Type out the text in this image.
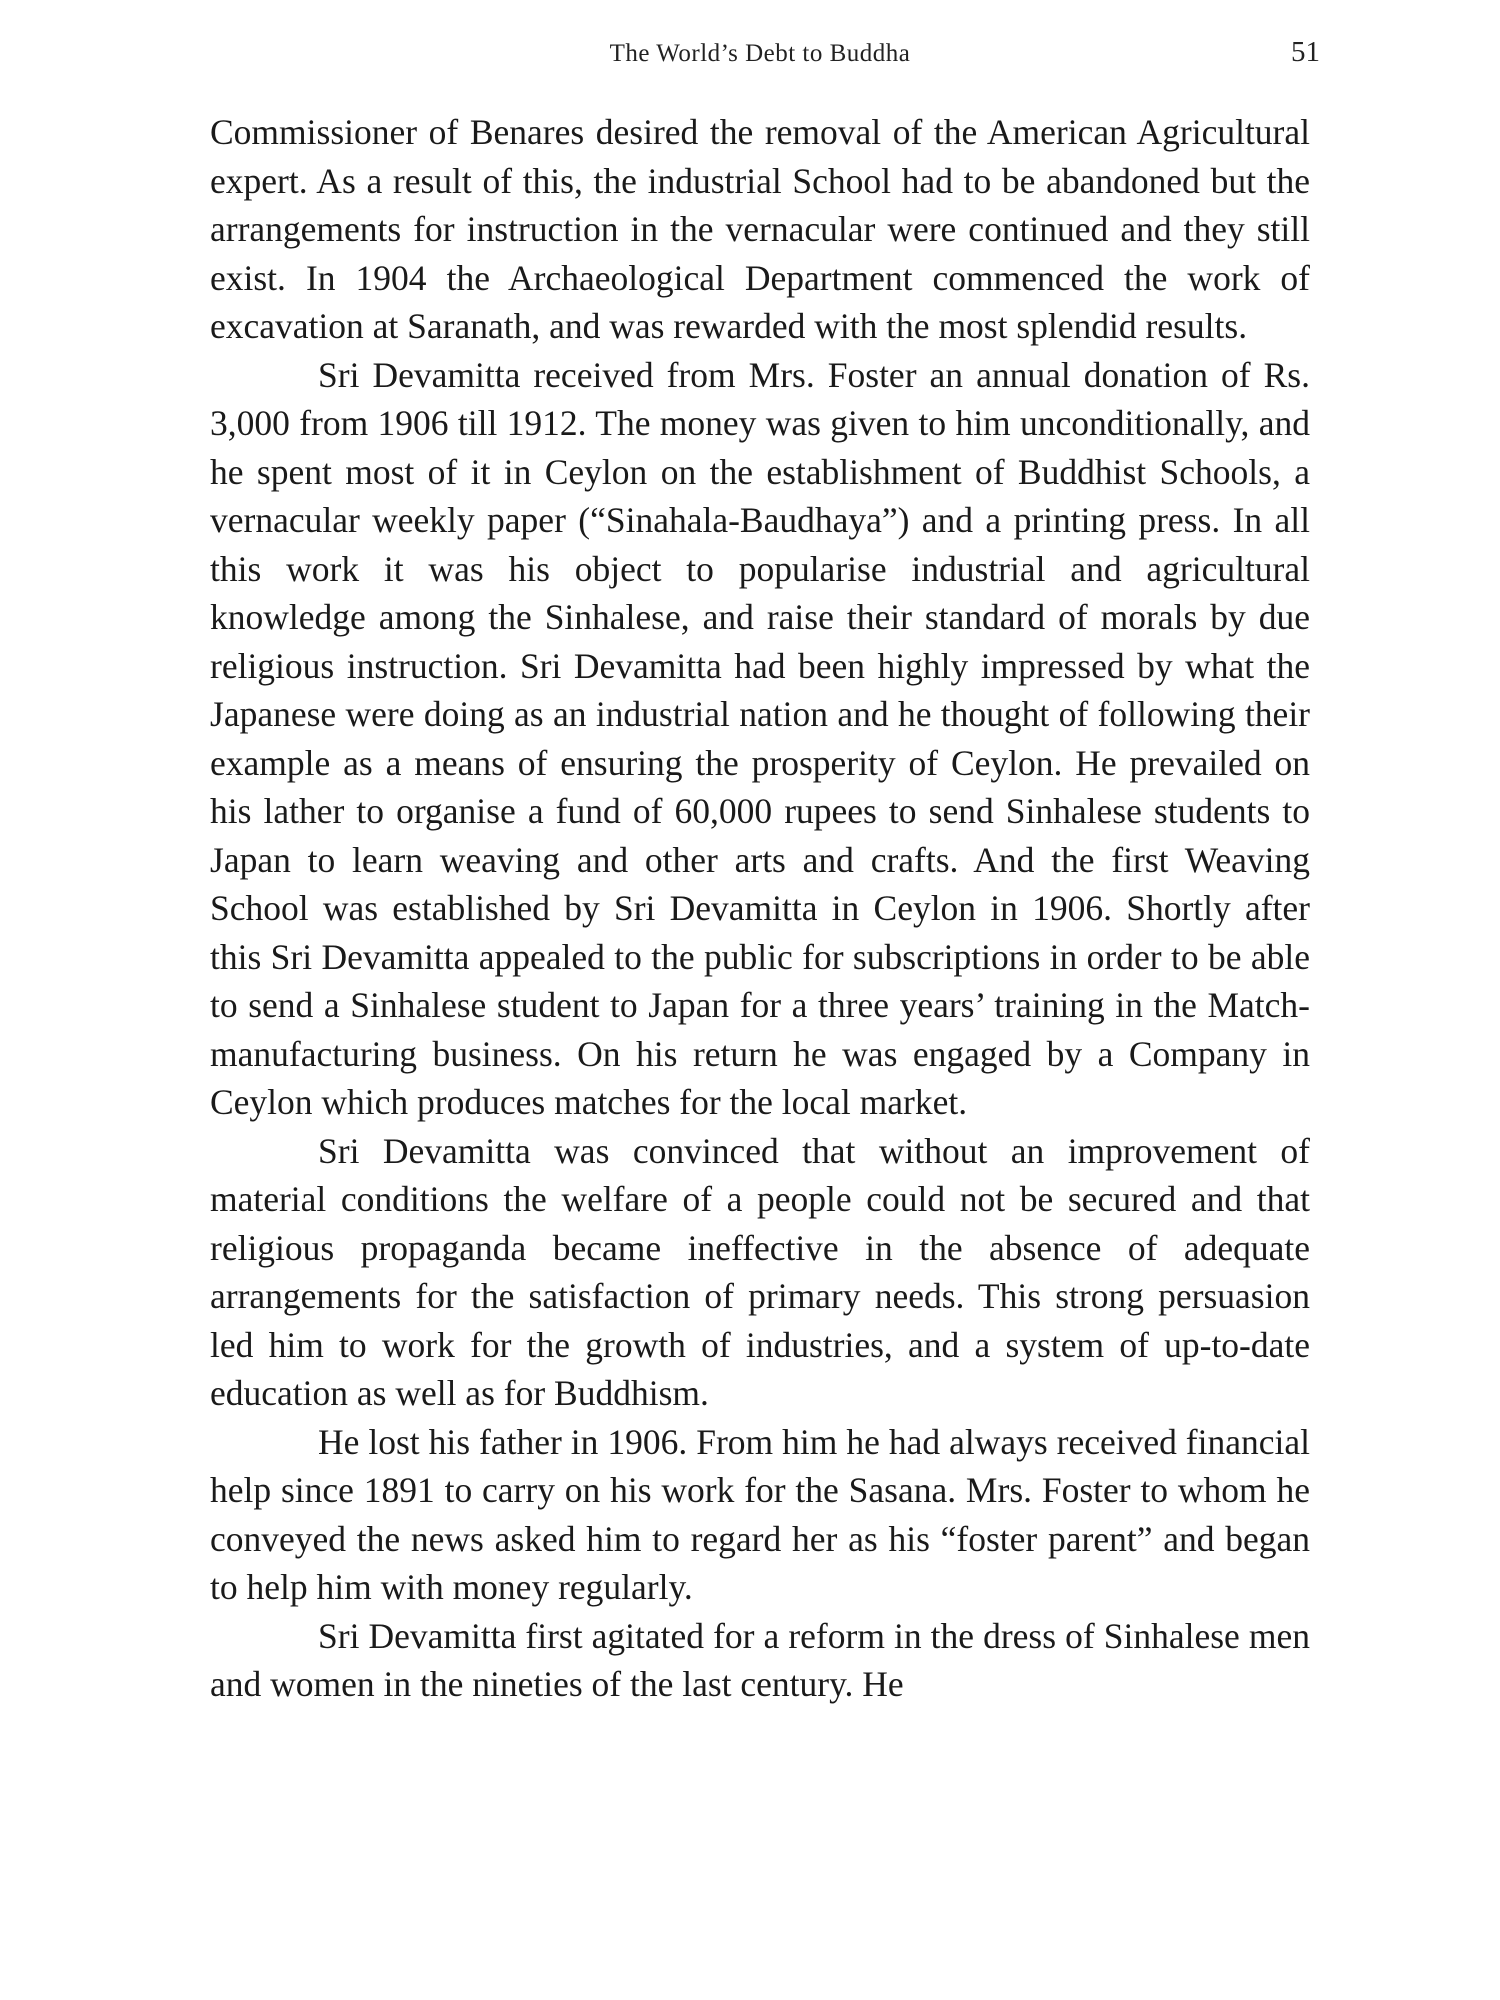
The World’s Debt to Buddha	51

Commissioner of Benares desired the removal of the American Agricultural expert. As a result of this, the industrial School had to be abandoned but the arrangements for instruction in the vernacular were continued and they still exist. In 1904 the Archaeological Department commenced the work of excavation at Saranath, and was rewarded with the most splendid results.

Sri Devamitta received from Mrs. Foster an annual donation of Rs. 3,000 from 1906 till 1912. The money was given to him unconditionally, and he spent most of it in Ceylon on the establishment of Buddhist Schools, a vernacular weekly paper (“Sinahala-Baudhaya”) and a printing press. In all this work it was his object to popularise industrial and agricultural knowledge among the Sinhalese, and raise their standard of morals by due religious instruction. Sri Devamitta had been highly impressed by what the Japanese were doing as an industrial nation and he thought of following their example as a means of ensuring the prosperity of Ceylon. He prevailed on his lather to organise a fund of 60,000 rupees to send Sinhalese students to Japan to learn weaving and other arts and crafts. And the first Weaving School was established by Sri Devamitta in Ceylon in 1906. Shortly after this Sri Devamitta appealed to the public for subscriptions in order to be able to send a Sinhalese student to Japan for a three years’ training in the Match-manufacturing business. On his return he was engaged by a Company in Ceylon which produces matches for the local market.

Sri Devamitta was convinced that without an improvement of material conditions the welfare of a people could not be secured and that religious propaganda became ineffective in the absence of adequate arrangements for the satisfaction of primary needs. This strong persuasion led him to work for the growth of industries, and a system of up-to-date education as well as for Buddhism.

He lost his father in 1906. From him he had always received financial help since 1891 to carry on his work for the Sasana. Mrs. Foster to whom he conveyed the news asked him to regard her as his “foster parent” and began to help him with money regularly.

Sri Devamitta first agitated for a reform in the dress of Sinhalese men and women in the nineties of the last century. He
